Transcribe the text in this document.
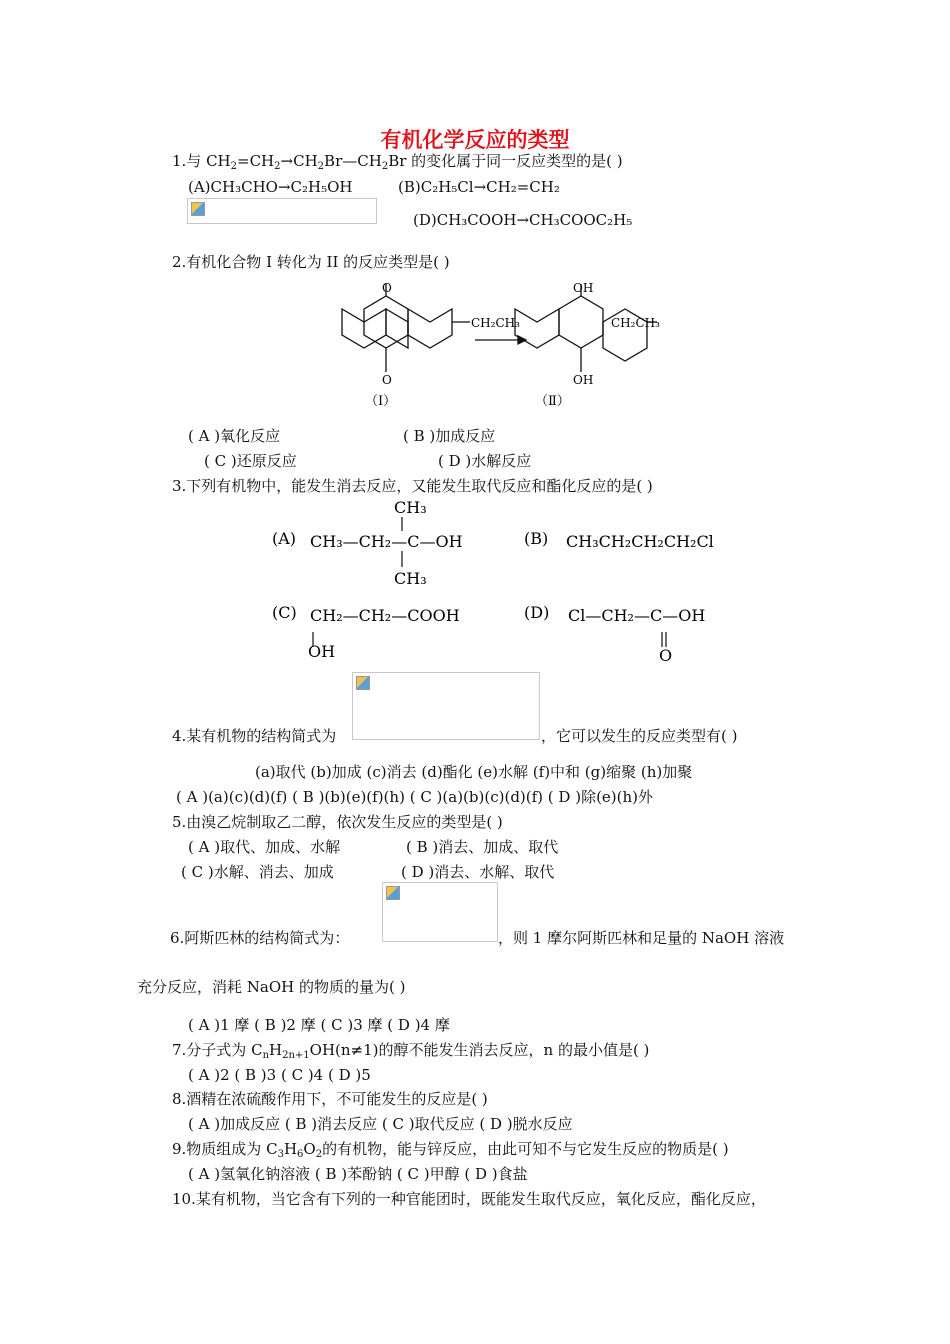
有机化学反应的类型
1.与 $CH_2=CH_2\to CH_2Br—CH_2Br$ 的变化属于同一反应类型的是( )
(A)CH₃CHO→C₂H₅OH	(B)C₂H₅Cl→CH₂=CH₂
(D)CH₃COOH→CH₃COOC₂H₅
2.有机化合物 I 转化为 II 的反应类型是( )
O
O
CH₂CH₃
OH
OH
CH₂CH₃
（Ⅰ）	（Ⅱ）
( A )氧化反应	( B )加成反应
( C )还原反应	( D )水解反应
3.下列有机物中，能发生消去反应，又能发生取代反应和酯化反应的是( )
(A)
CH₃
CH₃—CH₂—C—OH
CH₃
(B) CH₃CH₂CH₂CH₂Cl
(C) CH₂—CH₂—COOH
OH
(D) Cl—CH₂—C—OH
O
4.某有机物的结构简式为	，它可以发生的反应类型有( )
(a)取代 (b)加成 (c)消去 (d)酯化 (e)水解 (f)中和 (g)缩聚 (h)加聚
( A )(a)(c)(d)(f) ( B )(b)(e)(f)(h) ( C )(a)(b)(c)(d)(f) ( D )除(e)(h)外
5.由溴乙烷制取乙二醇，依次发生反应的类型是( )
( A )取代、加成、水解	( B )消去、加成、取代
( C )水解、消去、加成	( D )消去、水解、取代
6.阿斯匹林的结构简式为：	，则 1 摩尔阿斯匹林和足量的 NaOH 溶液
充分反应，消耗 NaOH 的物质的量为( )
( A )1 摩 ( B )2 摩 ( C )3 摩 ( D )4 摩
7.分子式为 $C_nH_{2n+1}OH(n\ne 1)$的醇不能发生消去反应，n 的最小值是( )
( A )2 ( B )3 ( C )4 ( D )5
8.酒精在浓硫酸作用下，不可能发生的反应是( )
( A )加成反应 ( B )消去反应 ( C )取代反应 ( D )脱水反应
9.物质组成为 $C_3H_6O_2$的有机物，能与锌反应，由此可知不与它发生反应的物质是( )
( A )氢氧化钠溶液 ( B )苯酚钠 ( C )甲醇 ( D )食盐
10.某有机物，当它含有下列的一种官能团时，既能发生取代反应，氧化反应，酯化反应，
